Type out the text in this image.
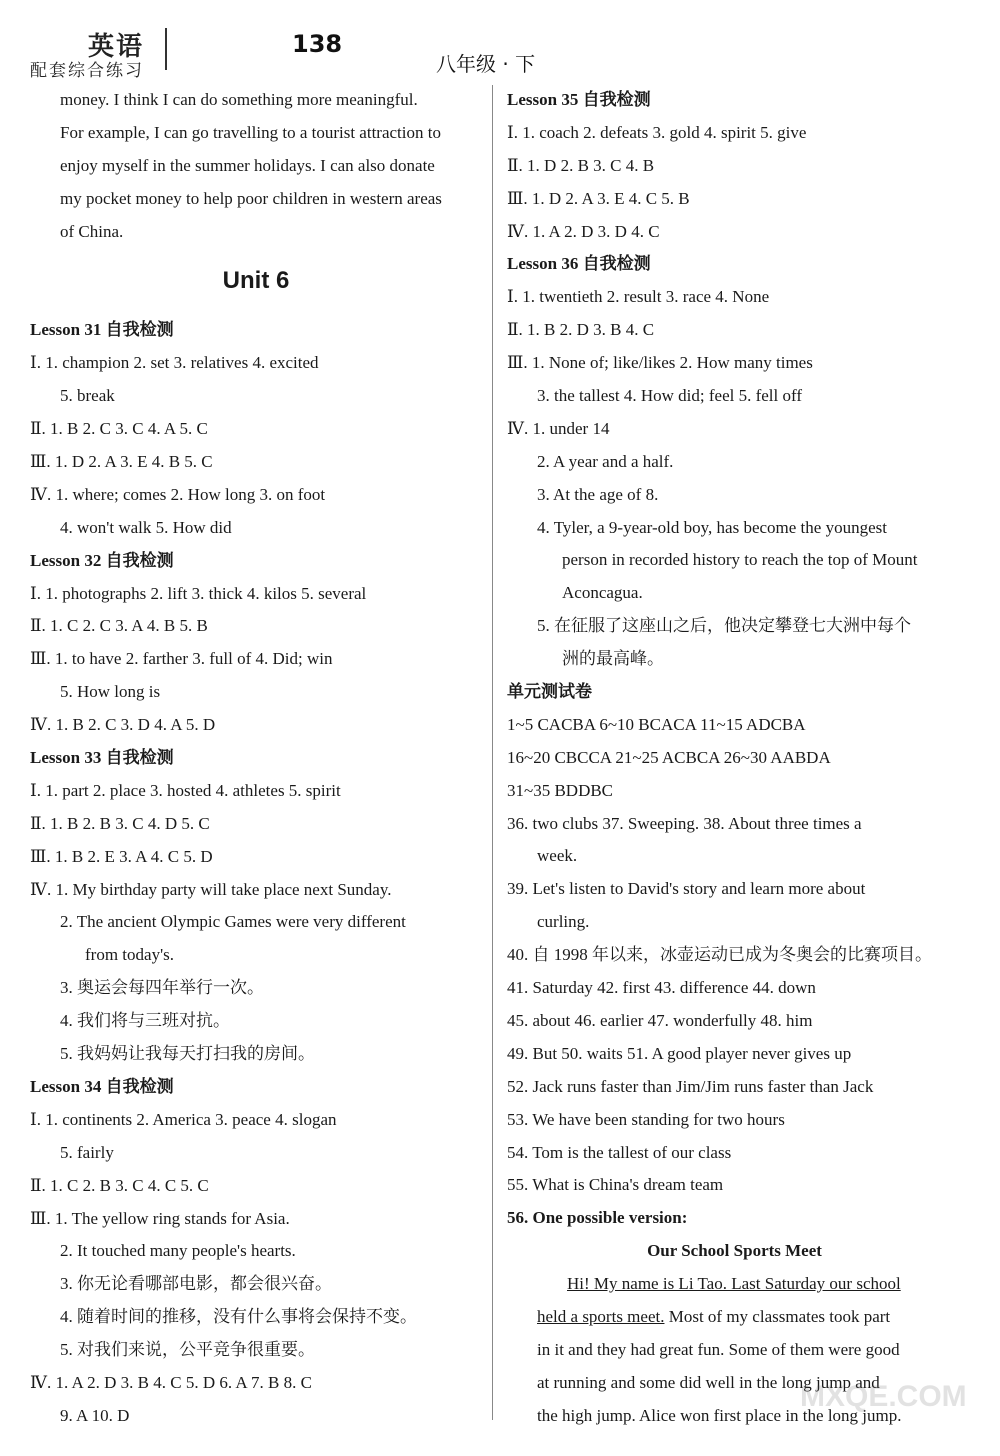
英语
配套综合练习
138
八年级 · 下
money. I think I can do something more meaningful.
For example, I can go travelling to a tourist attraction to
enjoy myself in the summer holidays. I can also donate
my pocket money to help poor children in western areas
of China.
Unit 6
Lesson 31 自我检测
Ⅰ. 1. champion 2. set 3. relatives 4. excited
5. break
Ⅱ. 1. B 2. C 3. C 4. A 5. C
Ⅲ. 1. D 2. A 3. E 4. B 5. C
Ⅳ. 1. where; comes 2. How long 3. on foot
4. won't walk 5. How did
Lesson 32 自我检测
Ⅰ. 1. photographs 2. lift 3. thick 4. kilos 5. several
Ⅱ. 1. C 2. C 3. A 4. B 5. B
Ⅲ. 1. to have 2. farther 3. full of 4. Did; win
5. How long is
Ⅳ. 1. B 2. C 3. D 4. A 5. D
Lesson 33 自我检测
Ⅰ. 1. part 2. place 3. hosted 4. athletes 5. spirit
Ⅱ. 1. B 2. B 3. C 4. D 5. C
Ⅲ. 1. B 2. E 3. A 4. C 5. D
Ⅳ. 1. My birthday party will take place next Sunday.
2. The ancient Olympic Games were very different
from today's.
3. 奥运会每四年举行一次。
4. 我们将与三班对抗。
5. 我妈妈让我每天打扫我的房间。
Lesson 34 自我检测
Ⅰ. 1. continents 2. America 3. peace 4. slogan
5. fairly
Ⅱ. 1. C 2. B 3. C 4. C 5. C
Ⅲ. 1. The yellow ring stands for Asia.
2. It touched many people's hearts.
3. 你无论看哪部电影，都会很兴奋。
4. 随着时间的推移，没有什么事将会保持不变。
5. 对我们来说，公平竞争很重要。
Ⅳ. 1. A 2. D 3. B 4. C 5. D 6. A 7. B 8. C
9. A 10. D
Lesson 35 自我检测
Ⅰ. 1. coach 2. defeats 3. gold 4. spirit 5. give
Ⅱ. 1. D 2. B 3. C 4. B
Ⅲ. 1. D 2. A 3. E 4. C 5. B
Ⅳ. 1. A 2. D 3. D 4. C
Lesson 36 自我检测
Ⅰ. 1. twentieth 2. result 3. race 4. None
Ⅱ. 1. B 2. D 3. B 4. C
Ⅲ. 1. None of; like/likes 2. How many times
3. the tallest 4. How did; feel 5. fell off
Ⅳ. 1. under 14
2. A year and a half.
3. At the age of 8.
4. Tyler, a 9-year-old boy, has become the youngest
person in recorded history to reach the top of Mount
Aconcagua.
5. 在征服了这座山之后，他决定攀登七大洲中每个
洲的最高峰。
单元测试卷
1~5 CACBA 6~10 BCACA 11~15 ADCBA
16~20 CBCCA 21~25 ACBCA 26~30 AABDA
31~35 BDDBC
36. two clubs 37. Sweeping. 38. About three times a
week.
39. Let's listen to David's story and learn more about
curling.
40. 自 1998 年以来，冰壶运动已成为冬奥会的比赛项目。
41. Saturday 42. first 43. difference 44. down
45. about 46. earlier 47. wonderfully 48. him
49. But 50. waits 51. A good player never gives up
52. Jack runs faster than Jim/Jim runs faster than Jack
53. We have been standing for two hours
54. Tom is the tallest of our class
55. What is China's dream team
56. One possible version:
Our School Sports Meet
Hi! My name is Li Tao. Last Saturday our school
held a sports meet. Most of my classmates took part
in it and they had great fun. Some of them were good
at running and some did well in the long jump and
the high jump. Alice won first place in the long jump.
MXQE.COM
